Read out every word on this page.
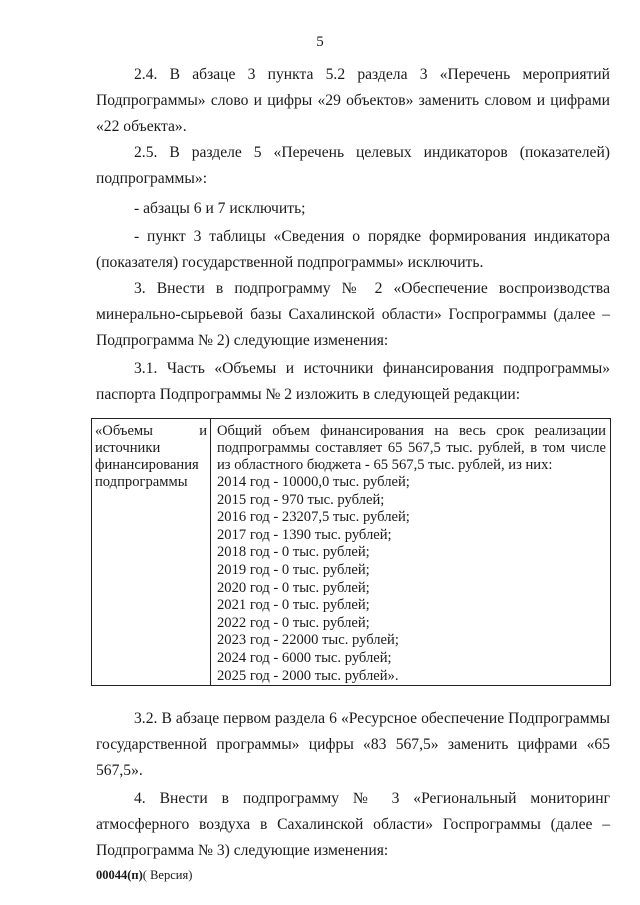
5

2.4. В абзаце 3 пункта 5.2 раздела 3 «Перечень мероприятий Подпрограммы» слово и цифры «29 объектов» заменить словом и цифрами «22 объекта».

2.5. В разделе 5 «Перечень целевых индикаторов (показателей) подпрограммы»:

- абзацы 6 и 7 исключить;

- пункт 3 таблицы «Сведения о порядке формирования индикатора (показателя) государственной подпрограммы» исключить.

3. Внести в подпрограмму № 2 «Обеспечение воспроизводства минерально-сырьевой базы Сахалинской области» Госпрограммы (далее – Подпрограмма № 2) следующие изменения:

3.1. Часть «Объемы и источники финансирования подпрограммы» паспорта Подпрограммы № 2 изложить в следующей редакции:

«Объемы	и
источники
финансирования
подпрограммы

Общий объем финансирования на весь срок реализации подпрограммы составляет 65 567,5 тыс. рублей, в том числе из областного бюджета - 65 567,5 тыс. рублей, из них:

2014 год - 10000,0 тыс. рублей;
2015 год - 970 тыс. рублей;
2016 год - 23207,5 тыс. рублей;
2017 год - 1390 тыс. рублей;
2018 год - 0 тыс. рублей;
2019 год - 0 тыс. рублей;
2020 год - 0 тыс. рублей;
2021 год - 0 тыс. рублей;
2022 год - 0 тыс. рублей;
2023 год - 22000 тыс. рублей;
2024 год - 6000 тыс. рублей;
2025 год - 2000 тыс. рублей».

3.2. В абзаце первом раздела 6 «Ресурсное обеспечение Подпрограммы государственной программы» цифры «83 567,5» заменить цифрами «65 567,5».

4. Внести в подпрограмму № 3 «Региональный мониторинг атмосферного воздуха в Сахалинской области» Госпрограммы (далее – Подпрограмма № 3) следующие изменения:

00044(п)( Версия)
